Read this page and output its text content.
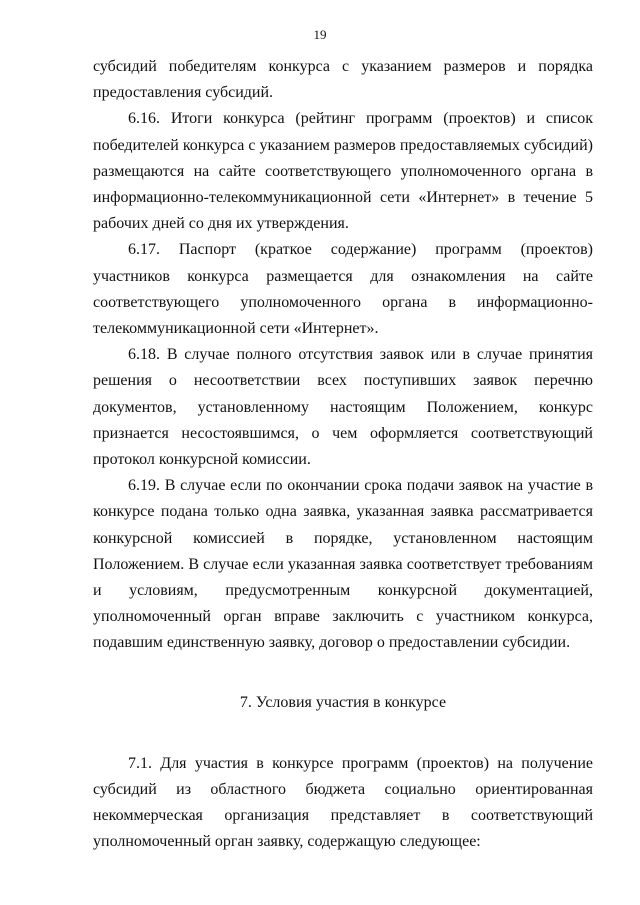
19

субсидий победителям конкурса с указанием размеров и порядка предоставления субсидий.

6.16. Итоги конкурса (рейтинг программ (проектов) и список победителей конкурса с указанием размеров предоставляемых субсидий) размещаются на сайте соответствующего уполномоченного органа в информационно-телекоммуникационной сети «Интернет» в течение 5 рабочих дней со дня их утверждения.

6.17. Паспорт (краткое содержание) программ (проектов) участников конкурса размещается для ознакомления на сайте соответствующего уполномоченного органа в информационно-телекоммуникационной сети «Интернет».

6.18. В случае полного отсутствия заявок или в случае принятия решения о несоответствии всех поступивших заявок перечню документов, установленному настоящим Положением, конкурс признается несостоявшимся, о чем оформляется соответствующий протокол конкурсной комиссии.

6.19. В случае если по окончании срока подачи заявок на участие в конкурсе подана только одна заявка, указанная заявка рассматривается конкурсной комиссией в порядке, установленном настоящим Положением. В случае если указанная заявка соответствует требованиям и условиям, предусмотренным конкурсной документацией, уполномоченный орган вправе заключить с участником конкурса, подавшим единственную заявку, договор о предоставлении субсидии.

7. Условия участия в конкурсе

7.1. Для участия в конкурсе программ (проектов) на получение субсидий из областного бюджета социально ориентированная некоммерческая организация представляет в соответствующий уполномоченный орган заявку, содержащую следующее:
